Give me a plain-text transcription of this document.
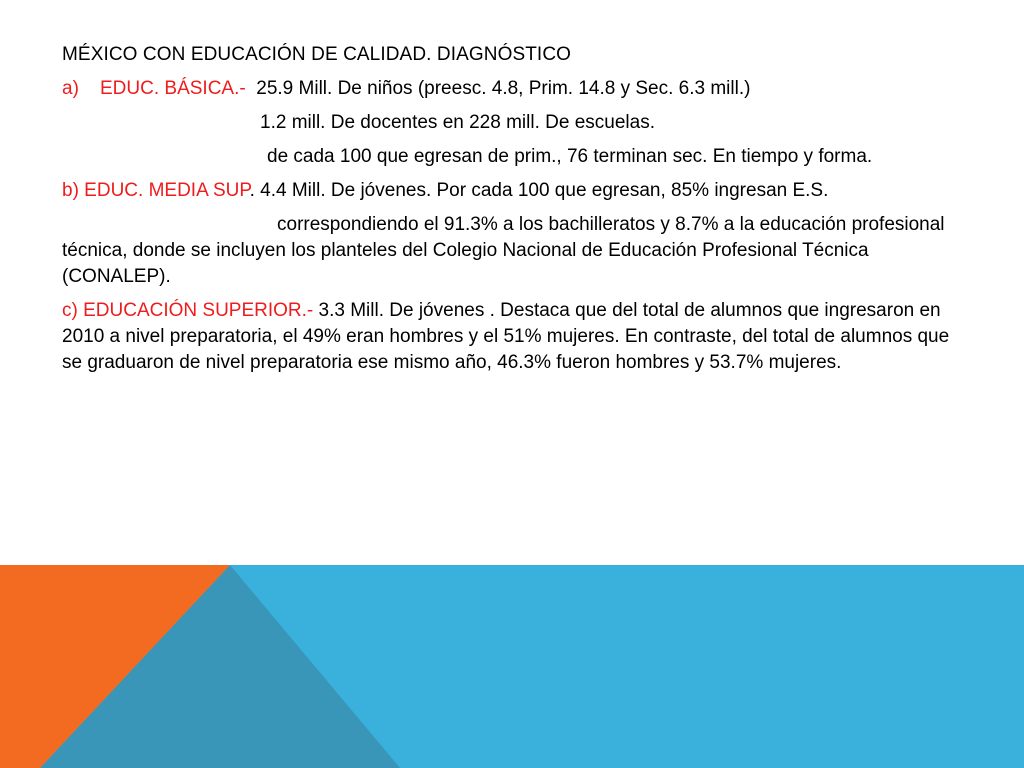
MÉXICO CON EDUCACIÓN DE CALIDAD. DIAGNÓSTICO
a) EDUC. BÁSICA.- 25.9 Mill. De niños (preesc. 4.8, Prim. 14.8 y Sec. 6.3 mill.)
1.2 mill. De docentes en 228 mill. De escuelas.
de cada 100 que egresan de prim., 76 terminan sec. En tiempo y forma.
b) EDUC. MEDIA SUP. 4.4 Mill. De jóvenes. Por cada 100 que egresan, 85% ingresan E.S.
correspondiendo el 91.3% a los bachilleratos y 8.7% a la educación profesional técnica, donde se incluyen los planteles del Colegio Nacional de Educación Profesional Técnica (CONALEP).
c) EDUCACIÓN SUPERIOR.- 3.3 Mill. De jóvenes . Destaca que del total de alumnos que ingresaron en 2010 a nivel preparatoria, el 49% eran hombres y el 51% mujeres. En contraste, del total de alumnos que se graduaron de nivel preparatoria ese mismo año, 46.3% fueron hombres y 53.7% mujeres.
